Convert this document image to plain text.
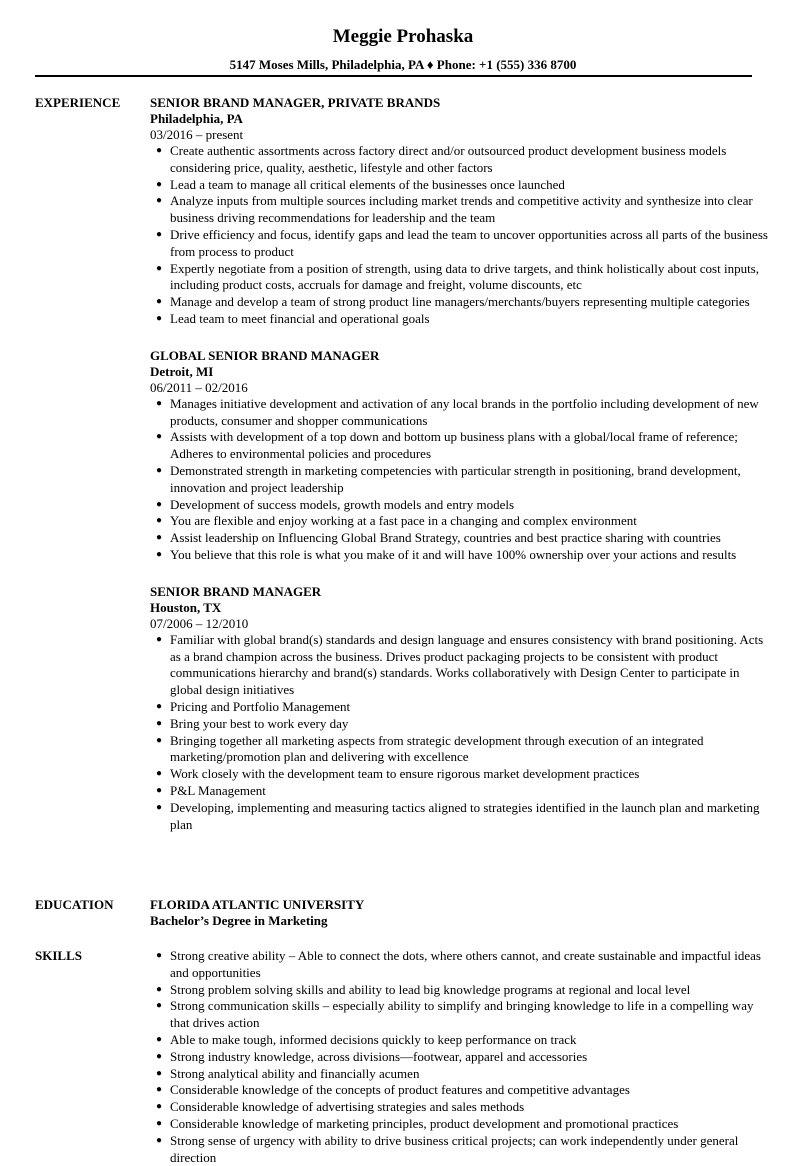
Meggie Prohaska
5147 Moses Mills, Philadelphia, PA ♦ Phone: +1 (555) 336 8700
EXPERIENCE SENIOR BRAND MANAGER, PRIVATE BRANDS
Philadelphia, PA
03/2016 – present
● Create authentic assortments across factory direct and/or outsourced product development business models considering price, quality, aesthetic, lifestyle and other factors
● Lead a team to manage all critical elements of the businesses once launched
● Analyze inputs from multiple sources including market trends and competitive activity and synthesize into clear business driving recommendations for leadership and the team
● Drive efficiency and focus, identify gaps and lead the team to uncover opportunities across all parts of the business from process to product
● Expertly negotiate from a position of strength, using data to drive targets, and think holistically about cost inputs, including product costs, accruals for damage and freight, volume discounts, etc
● Manage and develop a team of strong product line managers/merchants/buyers representing multiple categories
● Lead team to meet financial and operational goals
GLOBAL SENIOR BRAND MANAGER
Detroit, MI
06/2011 – 02/2016
● Manages initiative development and activation of any local brands in the portfolio including development of new products, consumer and shopper communications
● Assists with development of a top down and bottom up business plans with a global/local frame of reference; Adheres to environmental policies and procedures
● Demonstrated strength in marketing competencies with particular strength in positioning, brand development, innovation and project leadership
● Development of success models, growth models and entry models
● You are flexible and enjoy working at a fast pace in a changing and complex environment
● Assist leadership on Influencing Global Brand Strategy, countries and best practice sharing with countries
● You believe that this role is what you make of it and will have 100% ownership over your actions and results
SENIOR BRAND MANAGER
Houston, TX
07/2006 – 12/2010
● Familiar with global brand(s) standards and design language and ensures consistency with brand positioning. Acts as a brand champion across the business. Drives product packaging projects to be consistent with product communications hierarchy and brand(s) standards. Works collaboratively with Design Center to participate in global design initiatives
● Pricing and Portfolio Management
● Bring your best to work every day
● Bringing together all marketing aspects from strategic development through execution of an integrated marketing/promotion plan and delivering with excellence
● Work closely with the development team to ensure rigorous market development practices
● P&L Management
● Developing, implementing and measuring tactics aligned to strategies identified in the launch plan and marketing plan
EDUCATION	FLORIDA ATLANTIC UNIVERSITY
Bachelor’s Degree in Marketing
SKILLS	● Strong creative ability – Able to connect the dots, where others cannot, and create sustainable and impactful ideas and opportunities
● Strong problem solving skills and ability to lead big knowledge programs at regional and local level
● Strong communication skills – especially ability to simplify and bringing knowledge to life in a compelling way that drives action
● Able to make tough, informed decisions quickly to keep performance on track
● Strong industry knowledge, across divisions—footwear, apparel and accessories
● Strong analytical ability and financially acumen
● Considerable knowledge of the concepts of product features and competitive advantages
● Considerable knowledge of advertising strategies and sales methods
● Considerable knowledge of marketing principles, product development and promotional practices
● Strong sense of urgency with ability to drive business critical projects; can work independently under general direction
